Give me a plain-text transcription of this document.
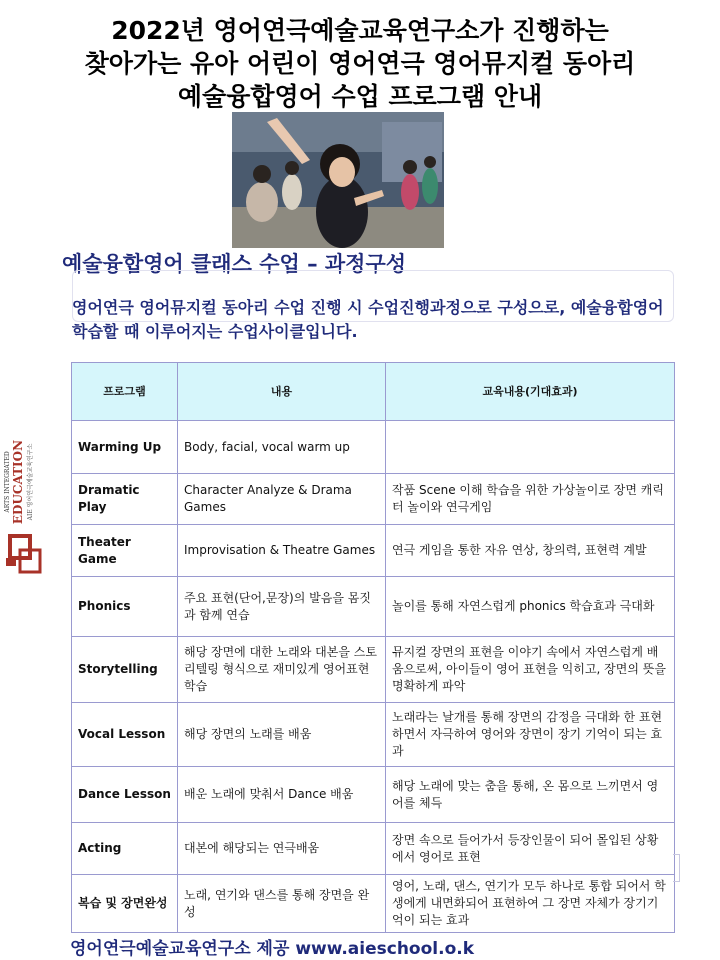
2022년 영어연극예술교육연구소가 진행하는
찾아가는 유아 어린이 영어연극 영어뮤지컬 동아리
예술융합영어 수업 프로그램 안내
예술융합영어 클래스 수업 – 과정구성
영어연극 영어뮤지컬 동아리 수업 진행 시 수업진행과정으로 구성으로, 예술융합영어 학습할 때 이루어지는 수업사이클입니다.
ARTS INTEGRATED EDUCATION AIE 영어연극예술교육연구소
프로그램	내용	교육내용(기대효과)
Warming Up	Body, facial, vocal warm up	
Dramatic Play	Character Analyze & Drama Games	작품 Scene 이해 학습을 위한 가상놀이로 장면 캐릭터 놀이와 연극게임
Theater Game	Improvisation & Theatre Games	연극 게임을 통한 자유 연상, 창의력, 표현력 계발
Phonics	주요 표현(단어,문장)의 발음을 몸짓과 함께 연습	놀이를 통해 자연스럽게 phonics 학습효과 극대화
Storytelling	해당 장면에 대한 노래와 대본을 스토리텔링 형식으로 재미있게 영어표현학습	뮤지컬 장면의 표현을 이야기 속에서 자연스럽게 배움으로써, 아이들이 영어 표현을 익히고, 장면의 뜻을 명확하게 파악
Vocal Lesson	해당 장면의 노래를 배움	노래라는 날개를 통해 장면의 감정을 극대화 한 표현하면서 자극하여 영어와 장면이 장기 기억이 되는 효과
Dance Lesson	배운 노래에 맞춰서 Dance 배움	해당 노래에 맞는 춤을 통해, 온 몸으로 느끼면서 영어를 체득
Acting	대본에 해당되는 연극배움	장면 속으로 들어가서 등장인물이 되어 몰입된 상황에서 영어로 표현
복습 및 장면완성	노래, 연기와 댄스를 통해 장면을 완성	영어, 노래, 댄스, 연기가 모두 하나로 통합 되어서 학생에게 내면화되어 표현하여 그 장면 자체가 장기기억이 되는 효과
영어연극예술교육연구소 제공 www.aieschool.o.k
